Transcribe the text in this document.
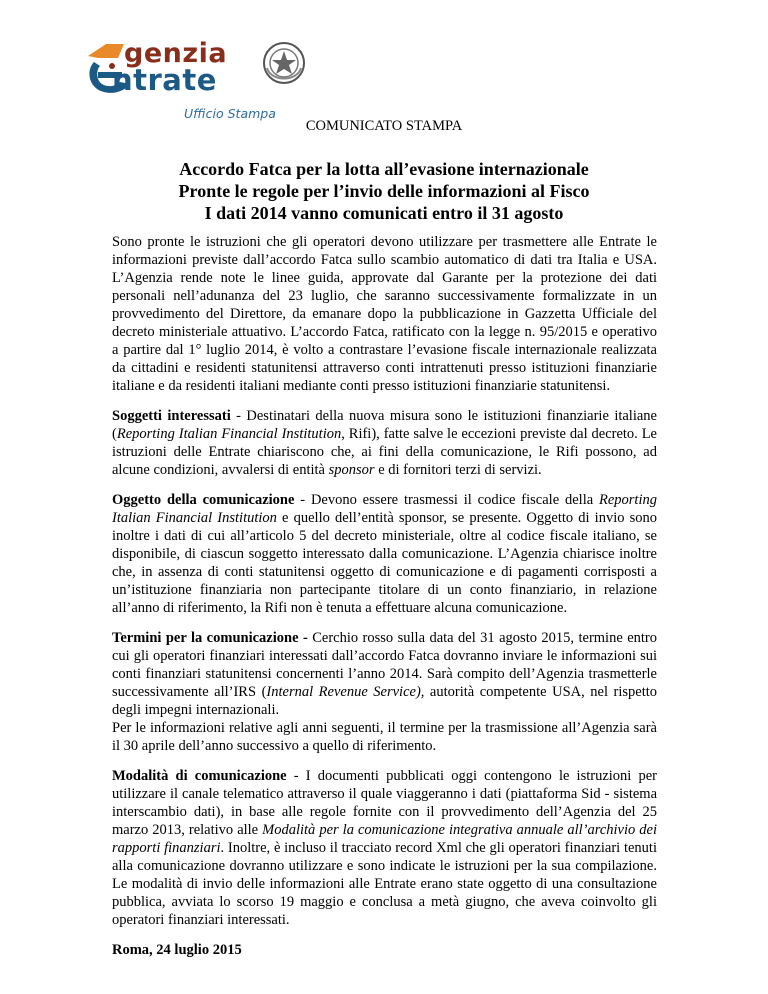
genzia
ntrate
Ufficio Stampa
COMUNICATO STAMPA
Accordo Fatca per la lotta all’evasione internazionale
Pronte le regole per l’invio delle informazioni al Fisco
I dati 2014 vanno comunicati entro il 31 agosto

Sono pronte le istruzioni che gli operatori devono utilizzare per trasmettere alle Entrate le informazioni previste dall’accordo Fatca sullo scambio automatico di dati tra Italia e USA. L’Agenzia rende note le linee guida, approvate dal Garante per la protezione dei dati personali nell’adunanza del 23 luglio, che saranno successivamente formalizzate in un provvedimento del Direttore, da emanare dopo la pubblicazione in Gazzetta Ufficiale del decreto ministeriale attuativo. L’accordo Fatca, ratificato con la legge n. 95/2015 e operativo a partire dal 1° luglio 2014, è volto a contrastare l’evasione fiscale internazionale realizzata da cittadini e residenti statunitensi attraverso conti intrattenuti presso istituzioni finanziarie italiane e da residenti italiani mediante conti presso istituzioni finanziarie statunitensi.

Soggetti interessati - Destinatari della nuova misura sono le istituzioni finanziarie italiane (Reporting Italian Financial Institution, Rifi), fatte salve le eccezioni previste dal decreto. Le istruzioni delle Entrate chiariscono che, ai fini della comunicazione, le Rifi possono, ad alcune condizioni, avvalersi di entità sponsor e di fornitori terzi di servizi.

Oggetto della comunicazione - Devono essere trasmessi il codice fiscale della Reporting Italian Financial Institution e quello dell’entità sponsor, se presente. Oggetto di invio sono inoltre i dati di cui all’articolo 5 del decreto ministeriale, oltre al codice fiscale italiano, se disponibile, di ciascun soggetto interessato dalla comunicazione. L’Agenzia chiarisce inoltre che, in assenza di conti statunitensi oggetto di comunicazione e di pagamenti corrisposti a un’istituzione finanziaria non partecipante titolare di un conto finanziario, in relazione all’anno di riferimento, la Rifi non è tenuta a effettuare alcuna comunicazione.

Termini per la comunicazione - Cerchio rosso sulla data del 31 agosto 2015, termine entro cui gli operatori finanziari interessati dall’accordo Fatca dovranno inviare le informazioni sui conti finanziari statunitensi concernenti l’anno 2014. Sarà compito dell’Agenzia trasmetterle successivamente all’IRS (Internal Revenue Service), autorità competente USA, nel rispetto degli impegni internazionali.
Per le informazioni relative agli anni seguenti, il termine per la trasmissione all’Agenzia sarà il 30 aprile dell’anno successivo a quello di riferimento.

Modalità di comunicazione - I documenti pubblicati oggi contengono le istruzioni per utilizzare il canale telematico attraverso il quale viaggeranno i dati (piattaforma Sid - sistema interscambio dati), in base alle regole fornite con il provvedimento dell’Agenzia del 25 marzo 2013, relativo alle Modalità per la comunicazione integrativa annuale all’archivio dei rapporti finanziari. Inoltre, è incluso il tracciato record Xml che gli operatori finanziari tenuti alla comunicazione dovranno utilizzare e sono indicate le istruzioni per la sua compilazione. Le modalità di invio delle informazioni alle Entrate erano state oggetto di una consultazione pubblica, avviata lo scorso 19 maggio e conclusa a metà giugno, che aveva coinvolto gli operatori finanziari interessati.

Roma, 24 luglio 2015
